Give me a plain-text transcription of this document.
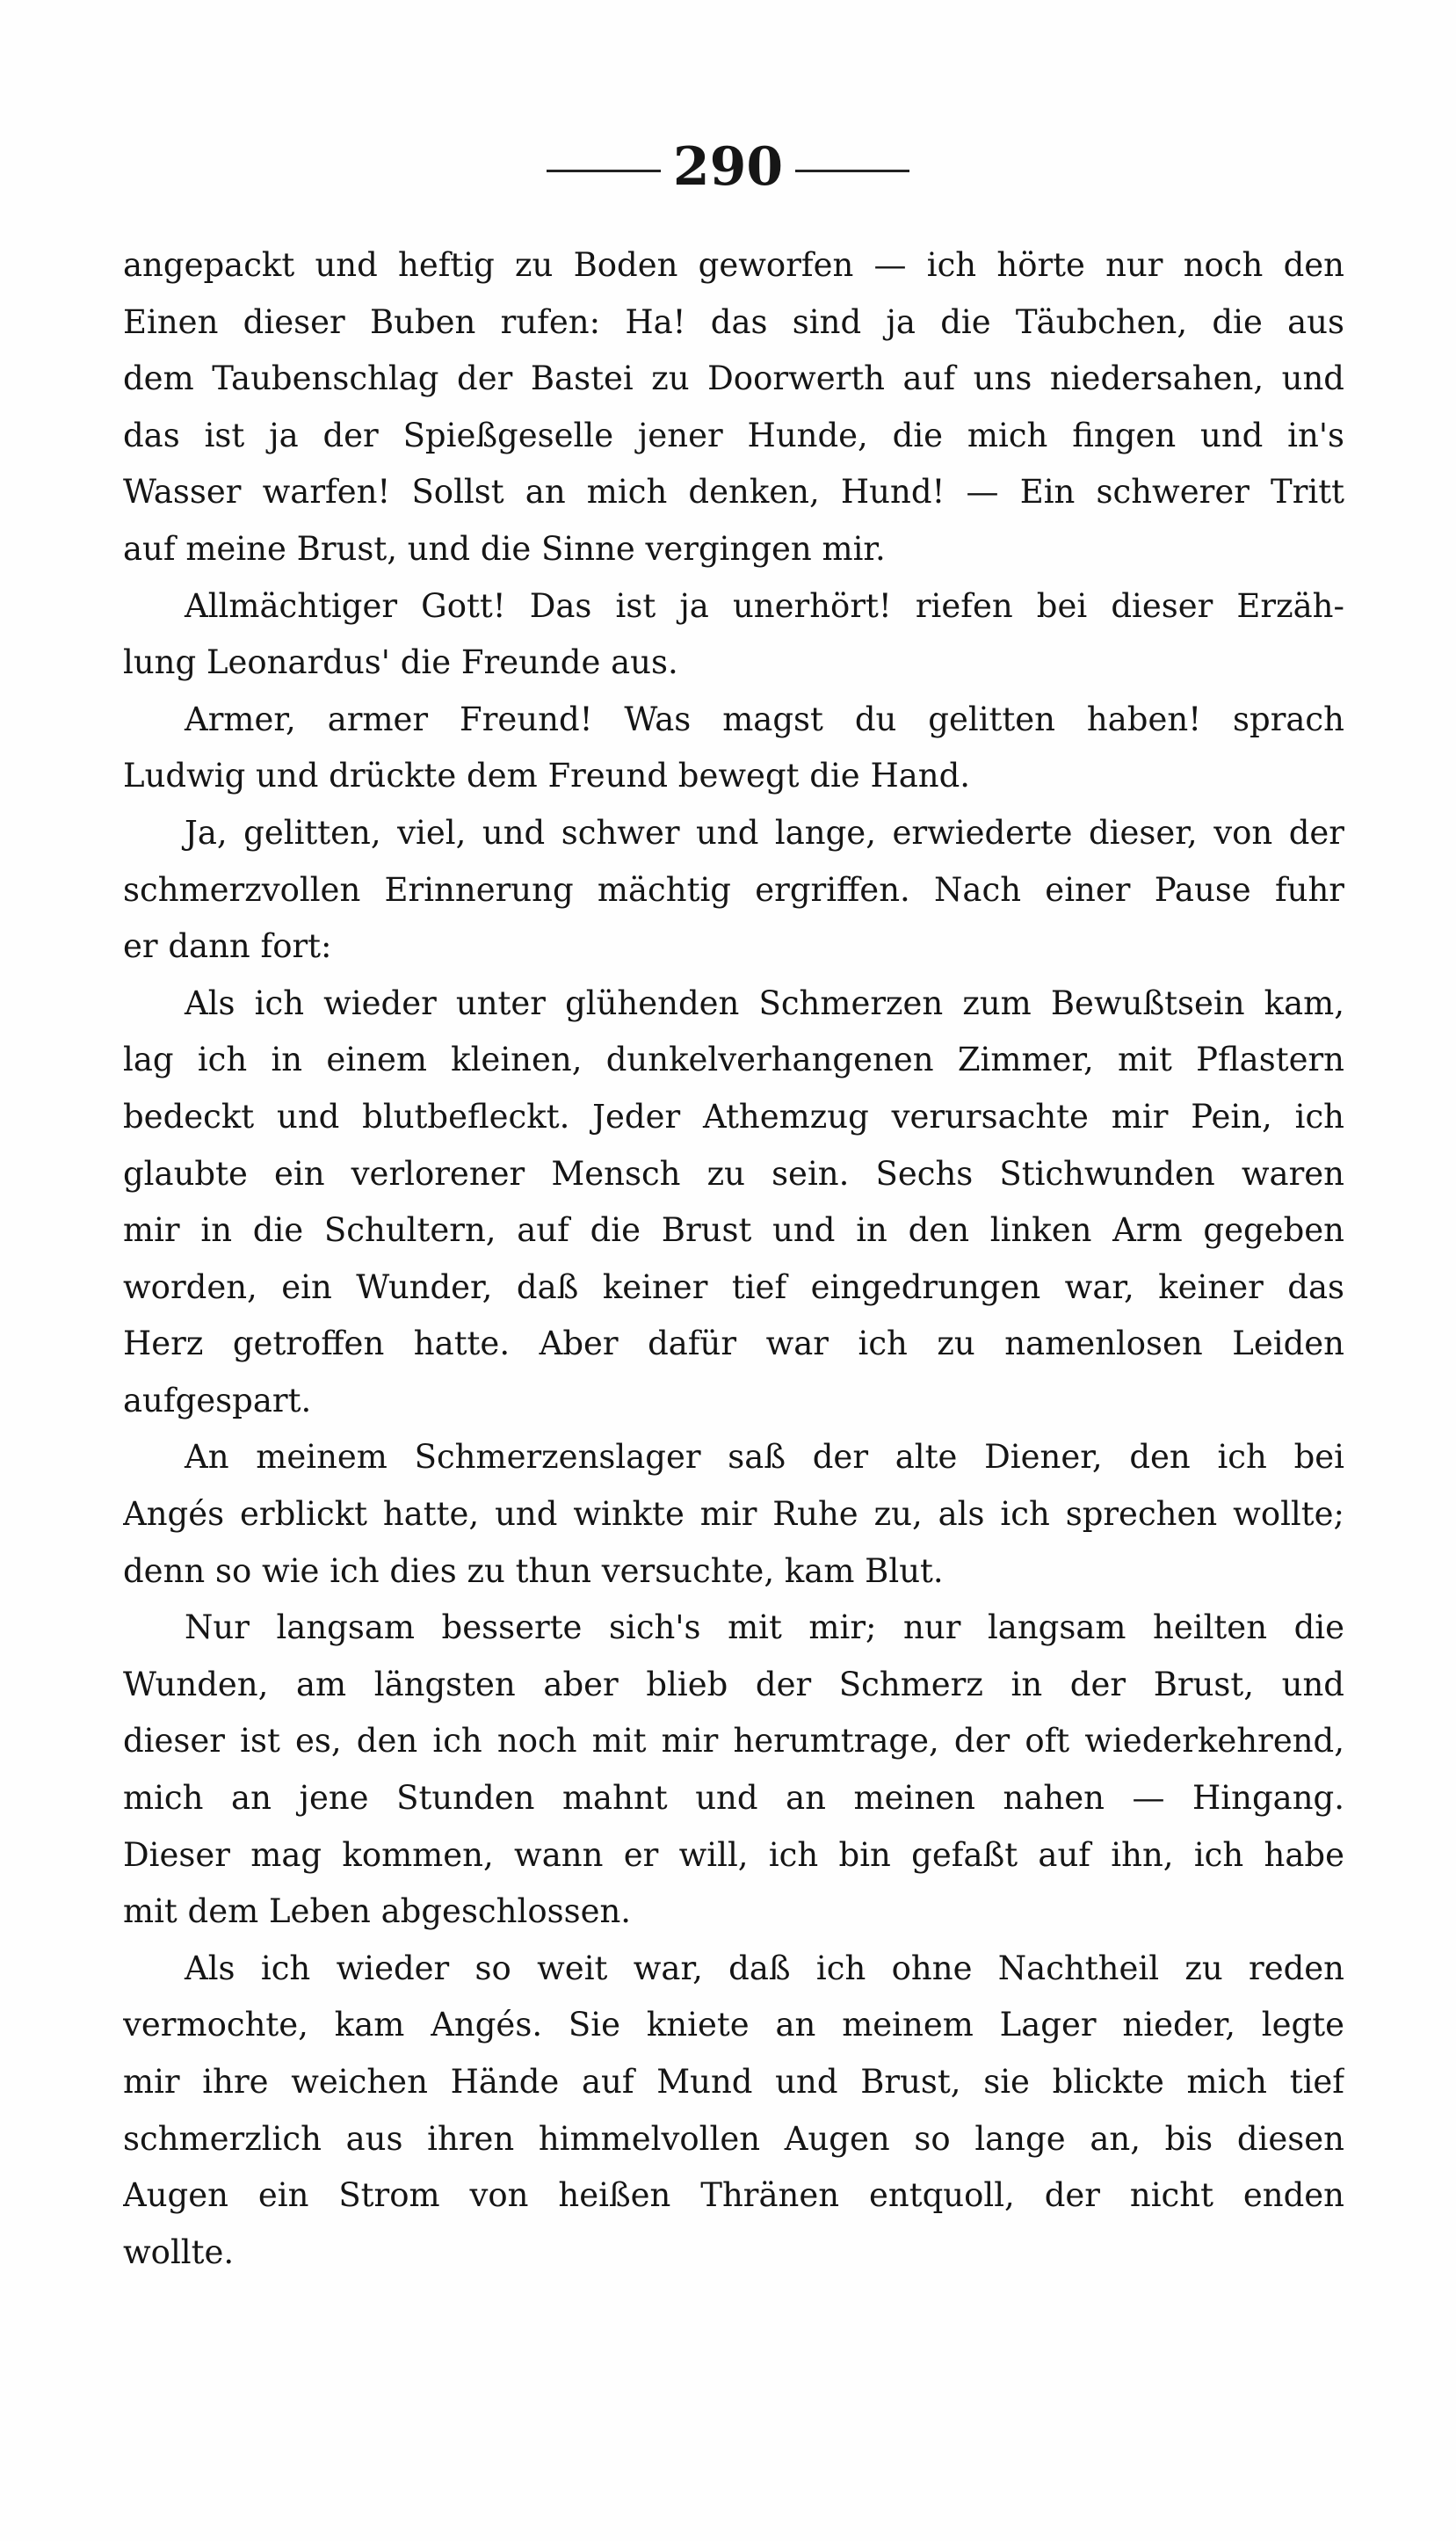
290
angepackt und heftig zu Boden geworfen — ich hörte nur noch den
Einen dieser Buben rufen: Ha! das sind ja die Täubchen, die aus
dem Taubenschlag der Bastei zu Doorwerth auf uns niedersahen, und
das ist ja der Spießgeselle jener Hunde, die mich fingen und in's
Wasser warfen! Sollst an mich denken, Hund! — Ein schwerer Tritt
auf meine Brust, und die Sinne vergingen mir.
Allmächtiger Gott! Das ist ja unerhört! riefen bei dieser Erzäh-
lung Leonardus' die Freunde aus.
Armer, armer Freund! Was magst du gelitten haben! sprach
Ludwig und drückte dem Freund bewegt die Hand.
Ja, gelitten, viel, und schwer und lange, erwiederte dieser, von der
schmerzvollen Erinnerung mächtig ergriffen. Nach einer Pause fuhr
er dann fort:
Als ich wieder unter glühenden Schmerzen zum Bewußtsein kam,
lag ich in einem kleinen, dunkelverhangenen Zimmer, mit Pflastern
bedeckt und blutbefleckt. Jeder Athemzug verursachte mir Pein, ich
glaubte ein verlorener Mensch zu sein. Sechs Stichwunden waren
mir in die Schultern, auf die Brust und in den linken Arm gegeben
worden, ein Wunder, daß keiner tief eingedrungen war, keiner das
Herz getroffen hatte. Aber dafür war ich zu namenlosen Leiden
aufgespart.
An meinem Schmerzenslager saß der alte Diener, den ich bei
Angés erblickt hatte, und winkte mir Ruhe zu, als ich sprechen wollte;
denn so wie ich dies zu thun versuchte, kam Blut.
Nur langsam besserte sich's mit mir; nur langsam heilten die
Wunden, am längsten aber blieb der Schmerz in der Brust, und
dieser ist es, den ich noch mit mir herumtrage, der oft wiederkehrend,
mich an jene Stunden mahnt und an meinen nahen — Hingang.
Dieser mag kommen, wann er will, ich bin gefaßt auf ihn, ich habe
mit dem Leben abgeschlossen.
Als ich wieder so weit war, daß ich ohne Nachtheil zu reden
vermochte, kam Angés. Sie kniete an meinem Lager nieder, legte
mir ihre weichen Hände auf Mund und Brust, sie blickte mich tief
schmerzlich aus ihren himmelvollen Augen so lange an, bis diesen
Augen ein Strom von heißen Thränen entquoll, der nicht enden
wollte.
